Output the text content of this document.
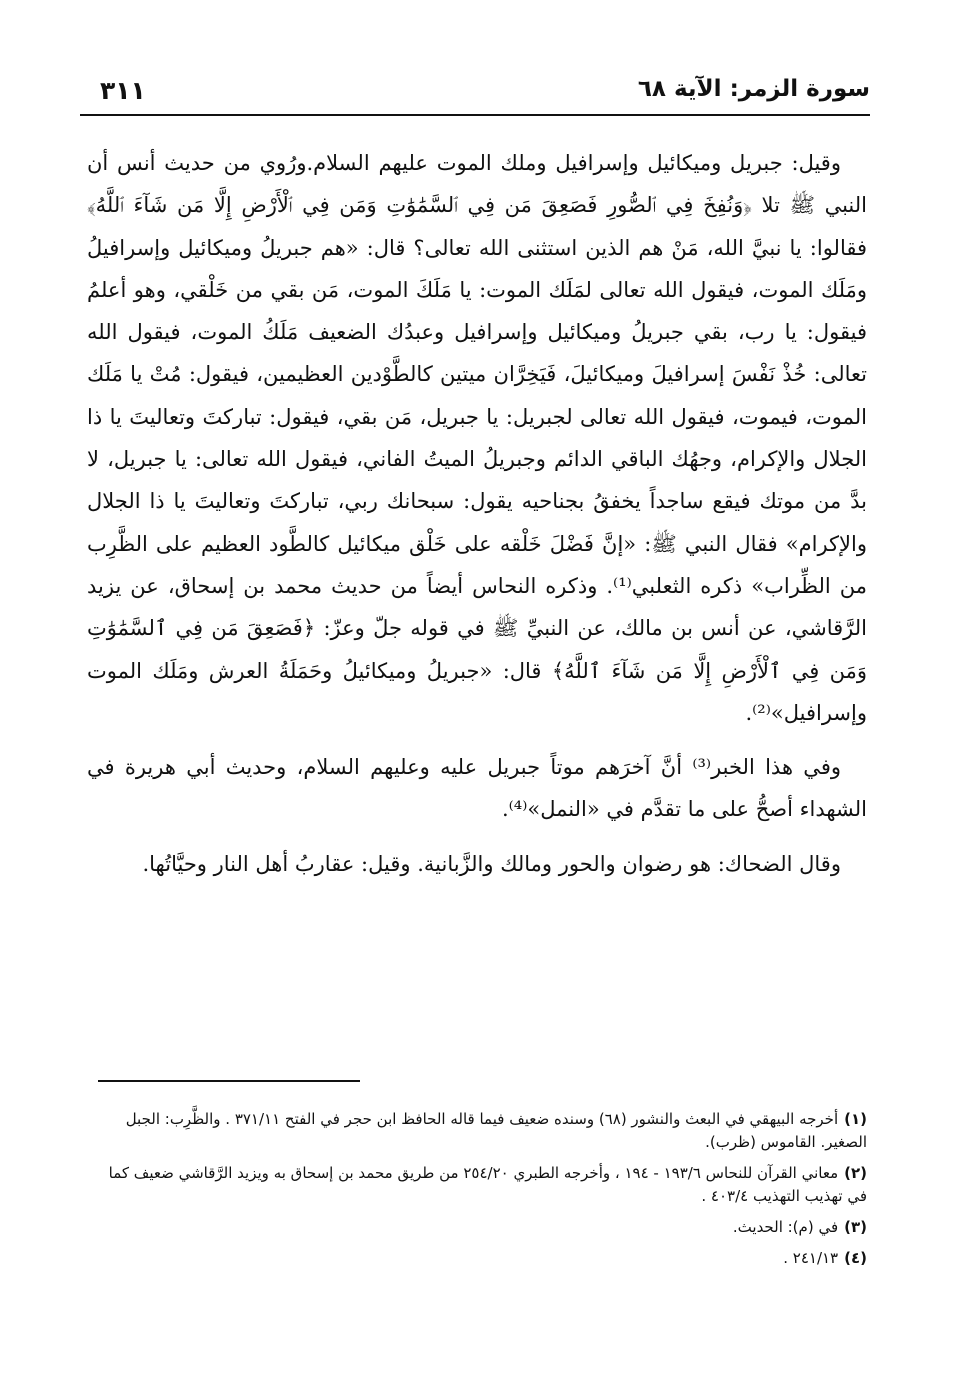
سورة الزمر: الآية ٦٨
٣١١

وقيل: جبريل وميكائيل وإسرافيل وملك الموت عليهم السلام.ورُوي من حديث أنس أن النبي ﷺ تلا ﴿وَنُفِخَ فِي ٱلصُّورِ فَصَعِقَ مَن فِي ٱلسَّمَٰوَٰتِ وَمَن فِي ٱلْأَرْضِ إِلَّا مَن شَآءَ ٱللَّهُ﴾ فقالوا: يا نبيَّ الله، مَنْ هم الذين استثنى الله تعالى؟ قال: «هم جبريلُ وميكائيل وإسرافيلُ ومَلَك الموت، فيقول الله تعالى لمَلَك الموت: يا مَلَكَ الموت، مَن بقي من خَلْقي، وهو أعلمُ فيقول: يا رب، بقي جبريلُ وميكائيل وإسرافيل وعبدُك الضعيف مَلَكُ الموت، فيقول الله تعالى: خُذْ نَفْسَ إسرافيلَ وميكائيلَ، فَيَخِرَّان ميتين كالطَّوْدين العظيمين، فيقول: مُتْ يا مَلَك الموت، فيموت، فيقول الله تعالى لجبريل: يا جبريل، مَن بقي، فيقول: تباركتَ وتعاليتَ يا ذا الجلال والإكرام، وجهُك الباقي الدائم وجبريلُ الميتُ الفاني، فيقول الله تعالى: يا جبريل، لا بدَّ من موتك فيقع ساجداً يخفقُ بجناحيه يقول: سبحانك ربي، تباركتَ وتعاليتَ يا ذا الجلال والإكرام» فقال النبي ﷺ: «إنَّ فَضْلَ خَلْقه على خَلْق ميكائيل كالطَّود العظيم على الظَّرِب من الظِّراب» ذكره الثعلبي⁽¹⁾. وذكره النحاس أيضاً من حديث محمد بن إسحاق، عن يزيد الرَّقاشي، عن أنس بن مالك، عن النبيِّ ﷺ في قوله جلّ وعزّ: ﴿فَصَعِقَ مَن فِي ٱلسَّمَٰوَٰتِ وَمَن فِي ٱلْأَرْضِ إِلَّا مَن شَآءَ ٱللَّهُ﴾ قال: «جبريلُ وميكائيلُ وحَمَلَةُ العرش ومَلَك الموت وإسرافيل»⁽²⁾.

وفي هذا الخبر⁽³⁾ أنَّ آخرَهم موتاً جبريل عليه وعليهم السلام، وحديث أبي هريرة في الشهداء أصحُّ على ما تقدَّم في «النمل»⁽⁴⁾.

وقال الضحاك: هو رضوان والحور ومالك والزَّبانية. وقيل: عقاربُ أهل النار وحيَّاتُها.

(١)أخرجه البيهقي في البعث والنشور (٦٨) وسنده ضعيف فيما قاله الحافظ ابن حجر في الفتح ٣٧١/١١ . والظَّرِب: الجبل الصغير. القاموس (ظرب).
(٢)معاني القرآن للنحاس ١٩٣/٦ - ١٩٤ ، وأخرجه الطبري ٢٥٤/٢٠ من طريق محمد بن إسحاق به ويزيد الرَّقاشي ضعيف كما في تهذيب التهذيب ٤٠٣/٤ .
(٣)في (م): الحديث.
(٤)٢٤١/١٣ .
